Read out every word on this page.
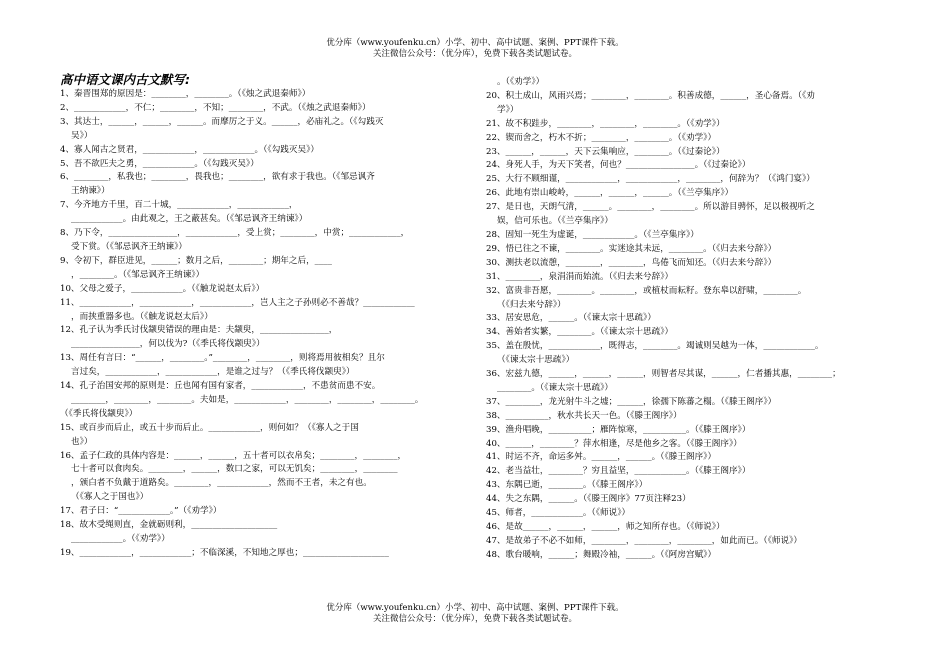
优分库（www.youfenku.cn）小学、初中、高中试题、案例、PPT课件下载。
关注微信公众号：（优分库），免费下载各类试题试卷。
高中语文课内古文默写:
1、秦晋围郑的原因是：________，________。（《烛之武退秦师》）
2、____________，不仁；________，不知；________，不武。（《烛之武退秦师》）
3、其达士，______，______，______。而摩厉之于义。______，必庙礼之。（《勾践灭
吴》）
4、寡人闻古之贤君，____________，____________。（《勾践灭吴》）
5、吾不欲匹夫之勇，____________。（《勾践灭吴》）
6、________，私我也；________，畏我也；________，欲有求于我也。（《邹忌讽齐
王纳谏》）
7、今齐地方千里，百二十城，____________，____________，
____________。由此观之，王之蔽甚矣。（《邹忌讽齐王纳谏》）
8、乃下令，________________，____________，受上赏；________，中赏；____________，
受下赏。（《邹忌讽齐王纳谏》）
9、令初下，群臣进见，______；数月之后，________；期年之后，____
，________。（《邹忌讽齐王纳谏》）
10、父母之爱子，____________。（《触龙说赵太后》）
11、____________，____________，____________，岂人主之子孙则必不善哉？____________
，而挟重器多也。（《触龙说赵太后》）
12、孔子认为季氏讨伐颛臾错误的理由是：夫颛臾，________________，
________________，何以伐为?（《季氏将伐颛臾》）
13、周任有言曰：“______，________。”________，________，则将焉用彼相矣？且尔
言过矣，____________，____________，是谁之过与？（《季氏将伐颛臾》）
14、孔子治国安邦的原则是：丘也闻有国有家者，____________，不患贫而患不安。
________，________，________。夫如是，____________，________，________，________。
（《季氏将伐颛臾》）
15、或百步而后止，或五十步而后止。____________，则何如？（《寡人之于国
也》）
16、孟子仁政的具体内容是：______，______，五十者可以衣帛矣；________，________，
七十者可以食肉矣。________，______，数口之家，可以无饥矣；________，________
，颁白者不负戴于道路矣。________，____________，然而不王者，未之有也。
（《寡人之于国也》）
17、君子曰：“____________。”（《劝学》）
18、故木受绳则直，金就砺则利，____________________
____________。（《劝学》）
19、____________，____________；不临深溪，不知地之厚也；____________________
。（《劝学》）
20、积土成山，风雨兴焉；________，________。积善成德，______，圣心备焉。（《劝
学》）
21、故不积跬步，________，________，________。（《劝学》）
22、锲而舍之，朽木不折；________，________。（《劝学》）
23、______，______，天下云集响应，________。（《过秦论》）
24、身死人手，为天下笑者，何也？________________。（《过秦论》）
25、大行不顾细谨，____________，____________，________，何辞为？（《鸿门宴》）
26、此地有崇山峻岭，______，______，______。（《兰亭集序》）
27、是日也，天朗气清，______。________，________。所以游目骋怀，足以极视听之
娱，信可乐也。（《兰亭集序》）
28、固知一死生为虚诞，____________。（《兰亭集序》）
29、悟已往之不谏，________。实迷途其未远，________。（《归去来兮辞》）
30、测扶老以流憩，________，________，鸟倦飞而知还。（《归去来兮辞》）
31、________，泉涓涓而始流。（《归去来兮辞》）
32、富贵非吾愿，________。________，或植杖而耘籽。登东皋以舒啸，________。
（《归去来兮辞》）
33、居安思危，______。（《谏太宗十思疏》）
34、善始者实繁，________。（《谏太宗十思疏》）
35、盖在殷忧，____________，既得志，________。竭诚则吴越为一体，____________。
（《谏太宗十思疏》）
36、宏兹九德，______，______，______，则智者尽其谋，______，仁者播其惠，________；
________。（《谏太宗十思疏》）
37、________，龙光射牛斗之墟；______，徐孺下陈蕃之榻。（《滕王阁序》）
38、__________，秋水共长天一色。（《滕王阁序》）
39、渔舟唱晚，__________；雁阵惊寒，__________。（《滕王阁序》）
40、______，________？萍水相逢，尽是他乡之客。（《滕王阁序》）
41、时运不齐，命运多舛。______，______。（《滕王阁序》）
42、老当益壮，________？穷且益坚，____________。（《滕王阁序》）
43、东隅已逝，________。（《滕王阁序》）
44、失之东隅，______。（《滕王阁序》77页注释23）
45、师者，____________。（《师说》）
46、是故______，______，______，师之知所存也。（《师说》）
47、是故弟子不必不如师，________，________，________，如此而已。（《师说》）
48、歌台暖响，______；舞殿冷袖，______。（《阿房宫赋》）
优分库（www.youfenku.cn）小学、初中、高中试题、案例、PPT课件下载。
关注微信公众号：（优分库），免费下载各类试题试卷。
